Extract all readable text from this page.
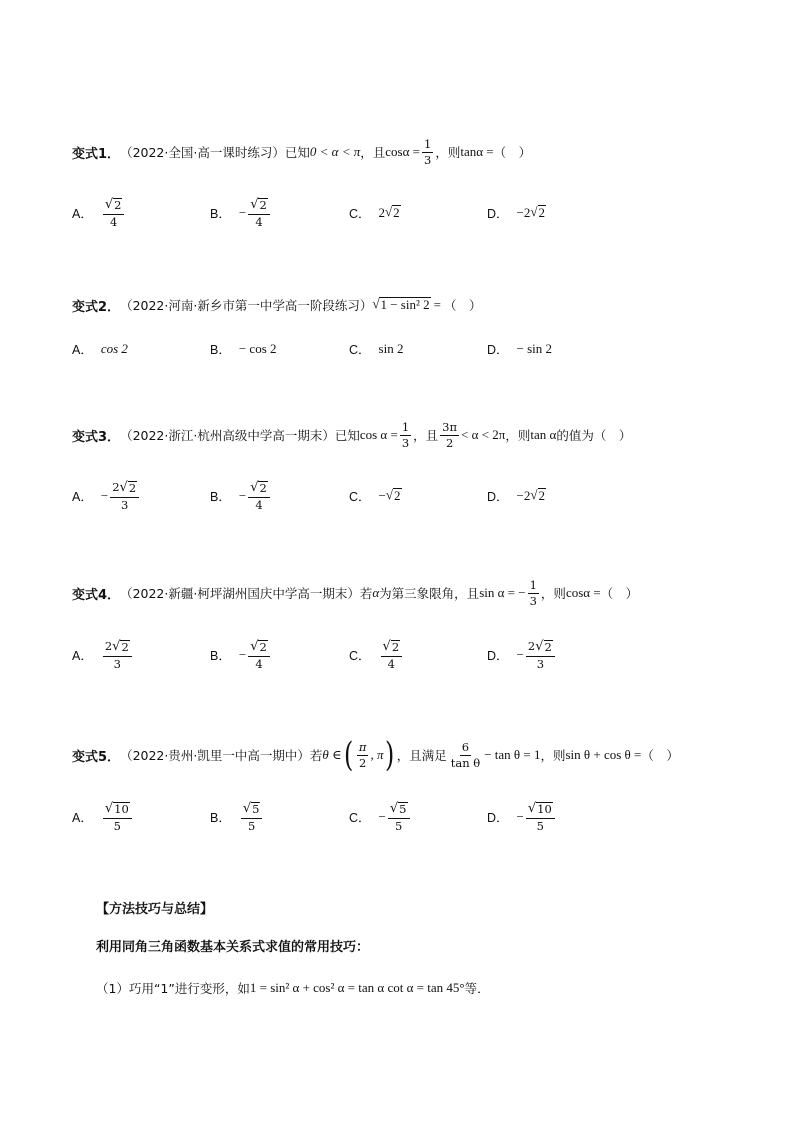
变式1 ． （2022·全国·高一课时练习） 已知 0 < α < π ，且 $\cos\alpha = \frac{1}{3}$ ，则 tanα = （　）
A． $\frac{√ 2}{4}$	B． − $\frac{√ 2}{4}$	C． 2 √ 2	D． −2 √ 2
变式2 ． （2022·河南·新乡市第一中学高一阶段练习） √ 1 − sin² 2 = （　）
A． cos 2	B． − cos 2	C． sin 2	D． − sin 2
变式3 ． （2022·浙江·杭州高级中学高一期末） 已知 $\cos \alpha = \frac{1}{3}$ ，且 $\frac{3\pi}{2} < \alpha < 2\pi$ ，则 tan α 的值为 （　）
A． − $\frac{2 √ 2}{3}$	B． − $\frac{√ 2}{4}$	C． − √ 2	D． −2 √ 2
变式4 ． （2022·新疆·柯坪湖州国庆中学高一期末） 若 α 为第三象限角，且 sin α = − $\frac{1}{3}$ ，则 cosα = （　）
A． $\frac{2 √ 2}{3}$	B． − $\frac{√ 2}{4}$	C． $\frac{√ 2}{4}$	D． − $\frac{2 √ 2}{3}$
变式5 ． （2022·贵州·凯里一中高一期中） 若 θ ∈ ( $\frac{\pi}{2}$ , π ) ，且满足 $\frac{6}{\text{tan θ}} - \tan \theta = 1$ ，则 sin θ + cos θ = （　）
A． $\frac{√ 10}{5}$	B． $\frac{√ 5}{5}$	C． − $\frac{√ 5}{5}$	D． − $\frac{√ 10}{5}$
【方法技巧与总结】
利用同角三角函数基本关系式求值的常用技巧：
（1）巧用“1”进行变形，如 1 = sin² α + cos² α = tan α cot α = tan 45° 等．
